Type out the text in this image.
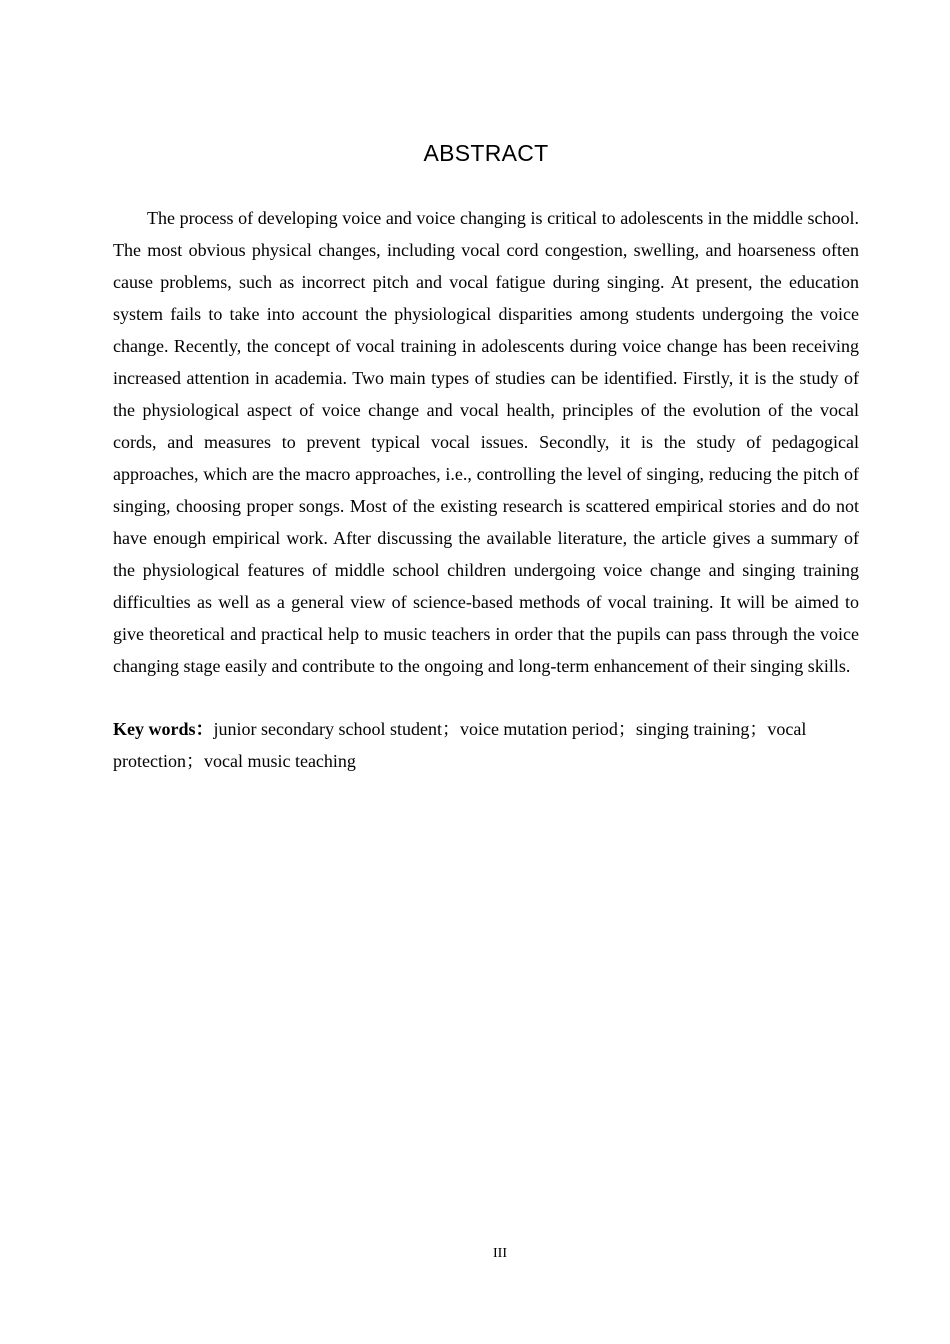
ABSTRACT

The process of developing voice and voice changing is critical to adolescents in the middle school. The most obvious physical changes, including vocal cord congestion, swelling, and hoarseness often cause problems, such as incorrect pitch and vocal fatigue during singing. At present, the education system fails to take into account the physiological disparities among students undergoing the voice change. Recently, the concept of vocal training in adolescents during voice change has been receiving increased attention in academia. Two main types of studies can be identified. Firstly, it is the study of the physiological aspect of voice change and vocal health, principles of the evolution of the vocal cords, and measures to prevent typical vocal issues. Secondly, it is the study of pedagogical approaches, which are the macro approaches, i.e., controlling the level of singing, reducing the pitch of singing, choosing proper songs. Most of the existing research is scattered empirical stories and do not have enough empirical work. After discussing the available literature, the article gives a summary of the physiological features of middle school children undergoing voice change and singing training difficulties as well as a general view of science-based methods of vocal training. It will be aimed to give theoretical and practical help to music teachers in order that the pupils can pass through the voice changing stage easily and contribute to the ongoing and long-term enhancement of their singing skills.

Key words：junior secondary school student；voice mutation period；singing training；vocal protection；vocal music teaching

III
